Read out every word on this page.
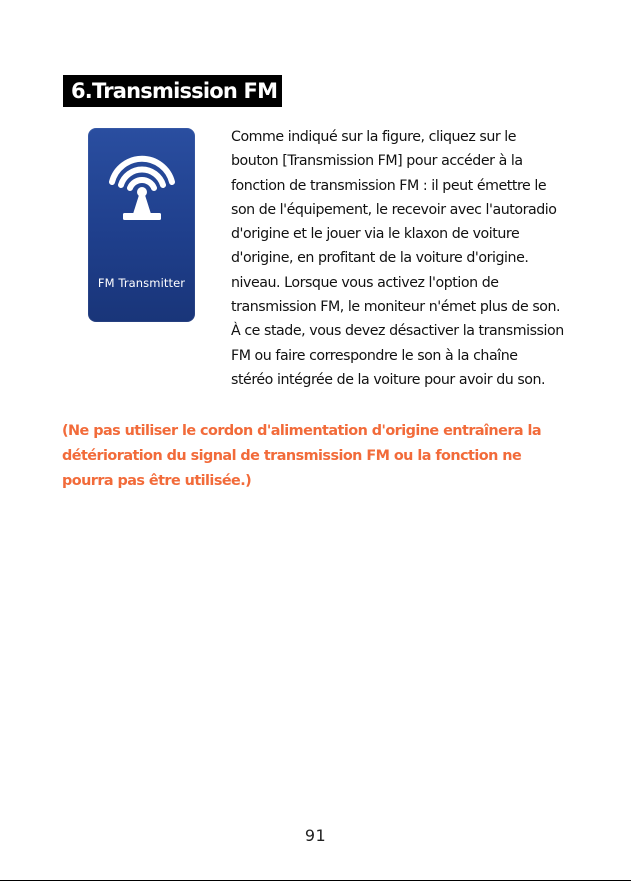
6.Transmission FM
FM Transmitter
Comme indiqué sur la figure, cliquez sur le
bouton [Transmission FM] pour accéder à la
fonction de transmission FM : il peut émettre le
son de l'équipement, le recevoir avec l'autoradio
d'origine et le jouer via le klaxon de voiture
d'origine, en profitant de la voiture d'origine.
niveau. Lorsque vous activez l'option de
transmission FM, le moniteur n'émet plus de son.
À ce stade, vous devez désactiver la transmission
FM ou faire correspondre le son à la chaîne
stéréo intégrée de la voiture pour avoir du son.
(Ne pas utiliser le cordon d'alimentation d'origine entraînera la
détérioration du signal de transmission FM ou la fonction ne
pourra pas être utilisée.)
91
